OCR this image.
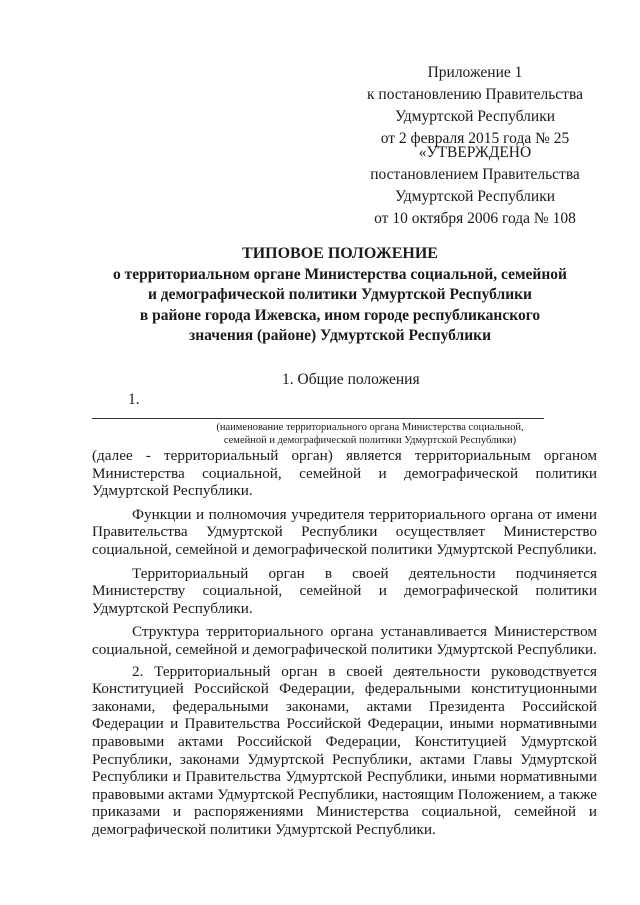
Приложение 1
к постановлению Правительства
Удмуртской Республики
от 2 февраля 2015 года № 25
«УТВЕРЖДЕНО
постановлением Правительства
Удмуртской Республики
от 10 октября 2006 года № 108
ТИПОВОЕ ПОЛОЖЕНИЕ
о территориальном органе Министерства социальной, семейной
и демографической политики Удмуртской Республики
в районе города Ижевска, ином городе республиканского
значения (районе) Удмуртской Республики
1. Общие положения
1.
(наименование территориального органа Министерства социальной,
семейной и демографической политики Удмуртской Республики)

(далее - территориальный орган) является территориальным органом Министерства социальной, семейной и демографической политики Удмуртской Республики.

Функции и полномочия учредителя территориального органа от имени Правительства Удмуртской Республики осуществляет Министерство социальной, семейной и демографической политики Удмуртской Республики.

Территориальный орган в своей деятельности подчиняется Министерству социальной, семейной и демографической политики Удмуртской Республики.

Структура территориального органа устанавливается Министерством социальной, семейной и демографической политики Удмуртской Республики.

2. Территориальный орган в своей деятельности руководствуется Конституцией Российской Федерации, федеральными конституционными законами, федеральными законами, актами Президента Российской Федерации и Правительства Российской Федерации, иными нормативными правовыми актами Российской Федерации, Конституцией Удмуртской Республики, законами Удмуртской Республики, актами Главы Удмуртской Республики и Правительства Удмуртской Республики, иными нормативными правовыми актами Удмуртской Республики, настоящим Положением, а также приказами и распоряжениями Министерства социальной, семейной и демографической политики Удмуртской Республики.
